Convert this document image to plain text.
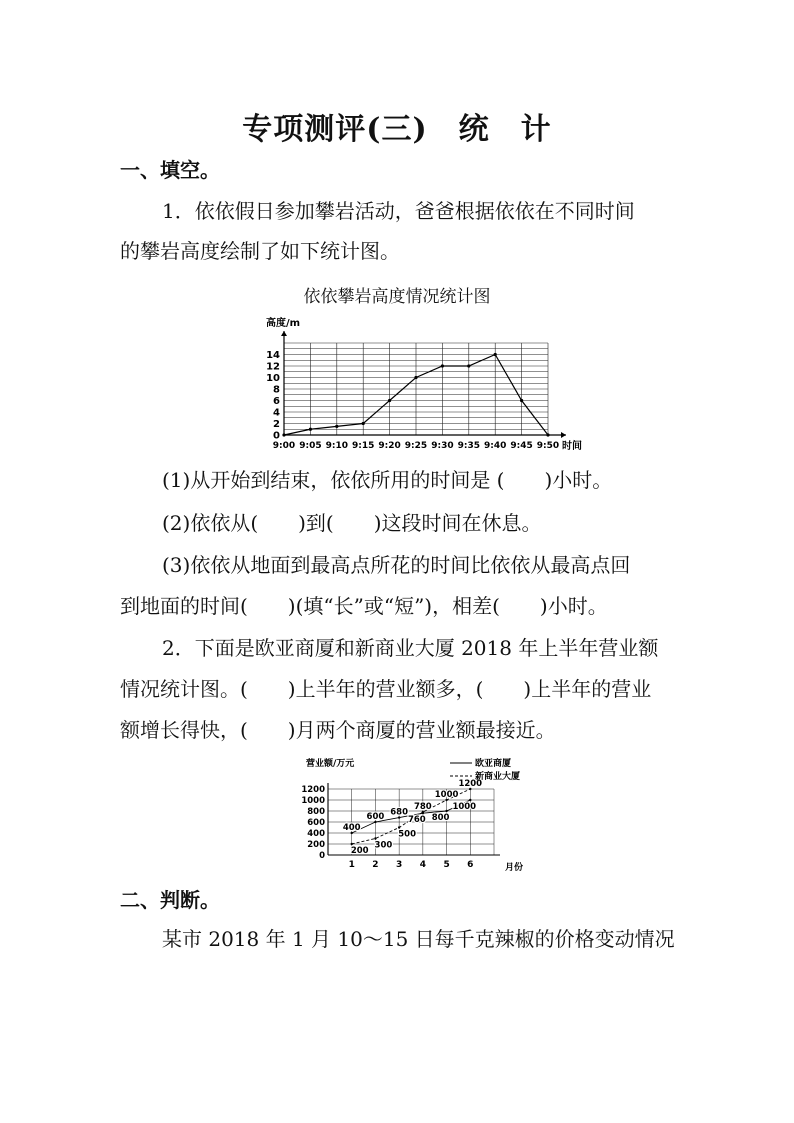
专项测评(三)　统　计
一、填空。
1．依依假日参加攀岩活动，爸爸根据依依在不同时间
的攀岩高度绘制了如下统计图。
依依攀岩高度情况统计图
0
2
4
6
8
10
12
14
9:00 9:05 9:10 9:15 9:20 9:25 9:30 9:35 9:40 9:45 9:50
高度/m
时间
(1)从开始到结束，依依所用的时间是 (　　)小时。
(2)依依从(　　)到(　　)这段时间在休息。
(3)依依从地面到最高点所花的时间比依依从最高点回
到地面的时间(　　)(填“长”或“短”)，相差(　　)小时。
2．下面是欧亚商厦和新商业大厦 2018 年上半年营业额
情况统计图。(　　)上半年的营业额多，(　　)上半年的营业
额增长得快，(　　)月两个商厦的营业额最接近。
400
600 680
760 800
1000
200
300
500
780
1000
1200
0
200
400
600
800
1000
1200
1 2 3 4 5 6
营业额/万元
月份
欧亚商厦
新商业大厦
二、判断。
某市 2018 年 1 月 10～15 日每千克辣椒的价格变动情况
